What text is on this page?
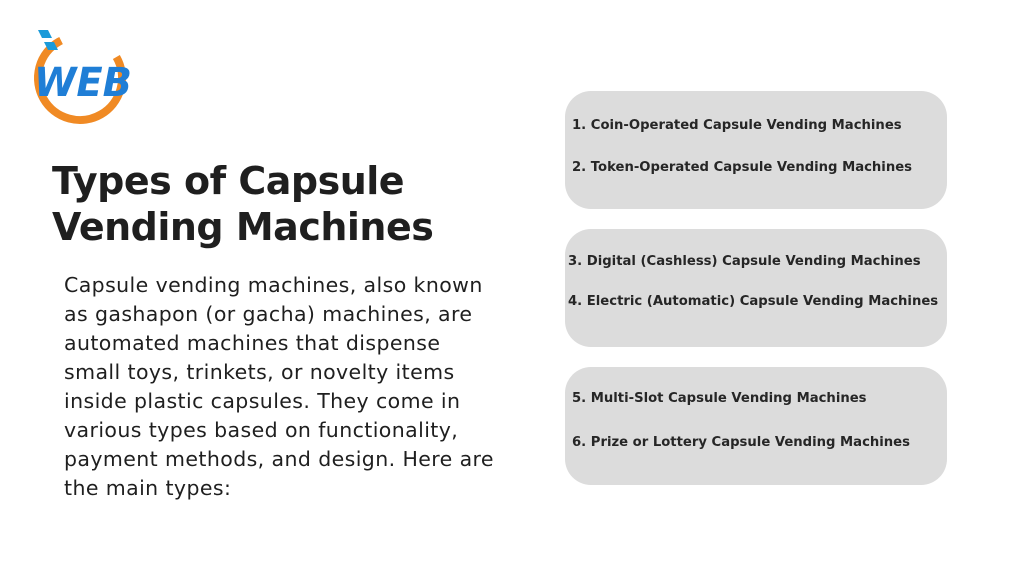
WEB
Types of Capsule
Vending Machines

Capsule vending machines, also known as gashapon (or gacha) machines, are automated machines that dispense small toys, trinkets, or novelty items inside plastic capsules. They come in various types based on functionality, payment methods, and design. Here are the main types:

1. Coin-Operated Capsule Vending Machines

2. Token-Operated Capsule Vending Machines

3. Digital (Cashless) Capsule Vending Machines

4. Electric (Automatic) Capsule Vending Machines

5. Multi-Slot Capsule Vending Machines

6. Prize or Lottery Capsule Vending Machines
